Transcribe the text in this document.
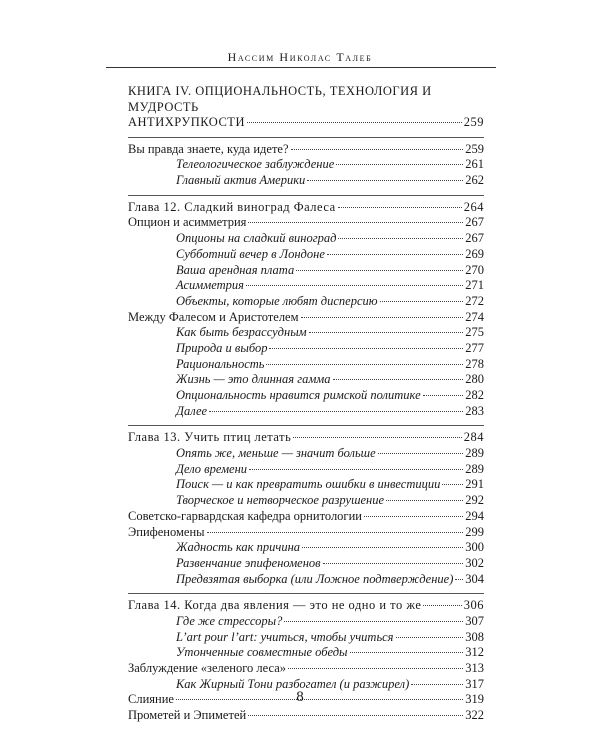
Нассим Николас Талеб
КНИГА IV. ОПЦИОНАЛЬНОСТЬ, ТЕХНОЛОГИЯ И МУДРОСТЬ
АНТИХРУПКОСТИ	259
Вы правда знаете, куда идете?	259
Телеологическое заблуждение	261
Главный актив Америки	262
Глава 12. Сладкий виноград Фалеса	264
Опцион и асимметрия	267
Опционы на сладкий виноград	267
Субботний вечер в Лондоне	269
Ваша арендная плата	270
Асимметрия	271
Объекты, которые любят дисперсию	272
Между Фалесом и Аристотелем	274
Как быть безрассудным	275
Природа и выбор	277
Рациональность	278
Жизнь — это длинная гамма	280
Опциональность нравится римской политике	282
Далее	283
Глава 13. Учить птиц летать	284
Опять же, меньше — значит больше	289
Дело времени	289
Поиск — и как превратить ошибки в инвестиции 291
Творческое и нетворческое разрушение	292
Советско-гарвардская кафедра орнитологии	294
Эпифеномены	299
Жадность как причина	300
Развенчание эпифеноменов	302
Предвзятая выборка (или Ложное подтверждение) 304
Глава 14. Когда два явления — это не одно и то же	306
Где же стрессоры?	307
L’art pour l’art: учиться, чтобы учиться	308
Утонченные совместные обеды	312
Заблуждение «зеленого леса»	313
Как Жирный Тони разбогател (и разжирел)	317
Слияние	319
Прометей и Эпиметей	322
8
